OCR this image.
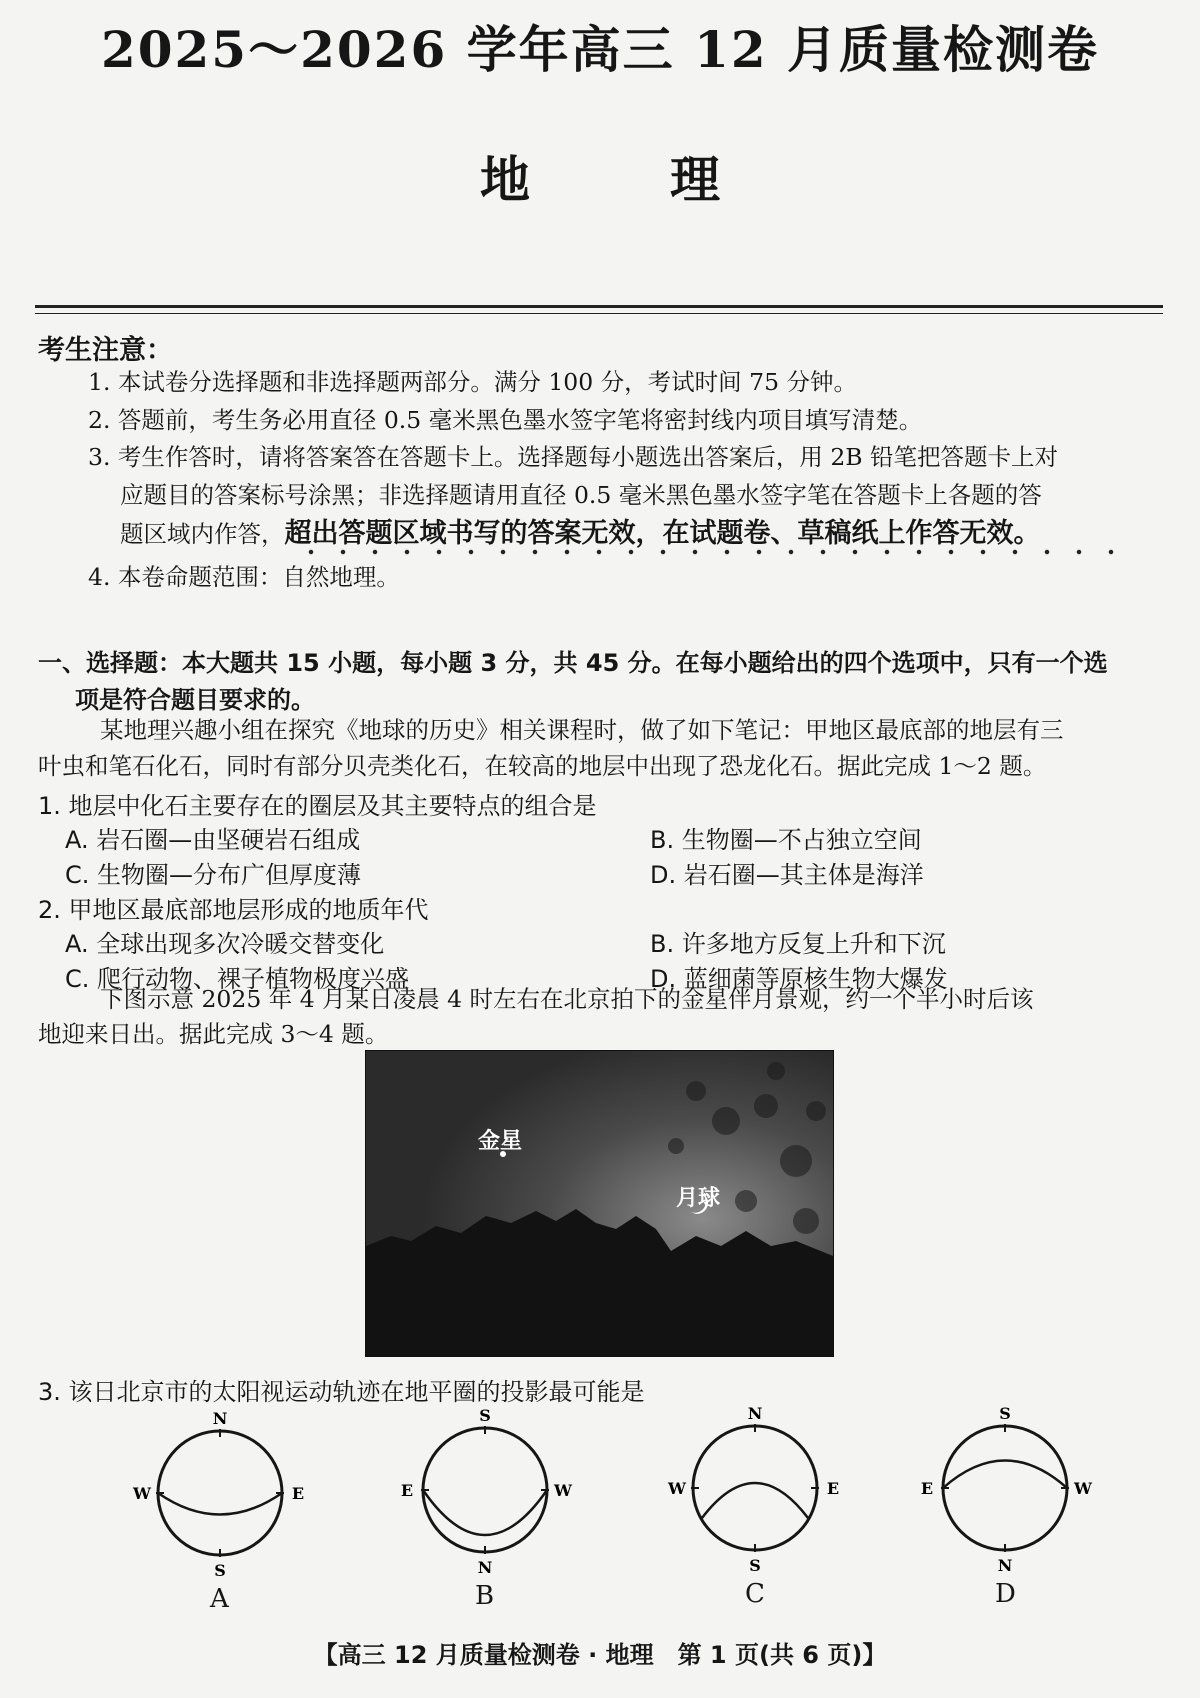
2025～2026 学年高三 12 月质量检测卷
地	理
考生注意：
1. 本试卷分选择题和非选择题两部分。满分 100 分，考试时间 75 分钟。
2. 答题前，考生务必用直径 0.5 毫米黑色墨水签字笔将密封线内项目填写清楚。
3. 考生作答时，请将答案答在答题卡上。选择题每小题选出答案后，用 2B 铅笔把答题卡上对
应题目的答案标号涂黑；非选择题请用直径 0.5 毫米黑色墨水签字笔在答题卡上各题的答
题区域内作答，超出答题区域书写的答案无效，在试题卷、草稿纸上作答无效。
4. 本卷命题范围：自然地理。
一、选择题：本大题共 15 小题，每小题 3 分，共 45 分。在每小题给出的四个选项中，只有一个选
项是符合题目要求的。
某地理兴趣小组在探究《地球的历史》相关课程时，做了如下笔记：甲地区最底部的地层有三
叶虫和笔石化石，同时有部分贝壳类化石，在较高的地层中出现了恐龙化石。据此完成 1～2 题。
1. 地层中化石主要存在的圈层及其主要特点的组合是
A. 岩石圈—由坚硬岩石组成	B. 生物圈—不占独立空间
C. 生物圈—分布广但厚度薄	D. 岩石圈—其主体是海洋
2. 甲地区最底部地层形成的地质年代
A. 全球出现多次冷暖交替变化	B. 许多地方反复上升和下沉
C. 爬行动物、裸子植物极度兴盛	D. 蓝细菌等原核生物大爆发
下图示意 2025 年 4 月某日凌晨 4 时左右在北京拍下的金星伴月景观，约一个半小时后该
地迎来日出。据此完成 3～4 题。
金星
月球
3. 该日北京市的太阳视运动轨迹在地平圈的投影最可能是
N
S
W	E
A
S
N
E	W
B
N
S
W	E
C
S
N
E	W
D
【高三 12 月质量检测卷 · 地理　第 1 页(共 6 页)】
